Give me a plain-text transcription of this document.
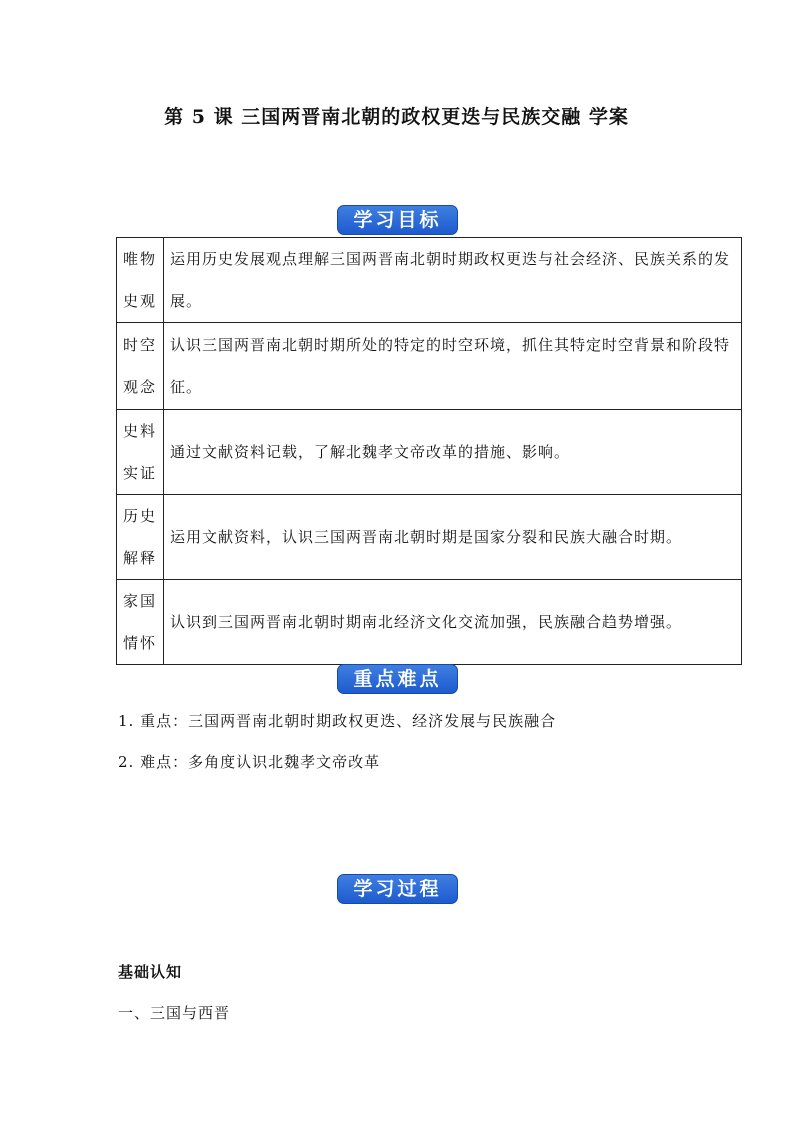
第 5 课 三国两晋南北朝的政权更迭与民族交融 学案
学习目标
唯物
史观	运用历史发展观点理解三国两晋南北朝时期政权更迭与社会经济、民族关系的发展。

时空
观念	认识三国两晋南北朝时期所处的特定的时空环境，抓住其特定时空背景和阶段特征。

史料
实证	通过文献资料记载，了解北魏孝文帝改革的措施、影响。

历史
解释	运用文献资料，认识三国两晋南北朝时期是国家分裂和民族大融合时期。

家国
情怀	认识到三国两晋南北朝时期南北经济文化交流加强，民族融合趋势增强。
重点难点
1. 重点：三国两晋南北朝时期政权更迭、经济发展与民族融合
2. 难点：多角度认识北魏孝文帝改革
学习过程
基础认知
一、三国与西晋
